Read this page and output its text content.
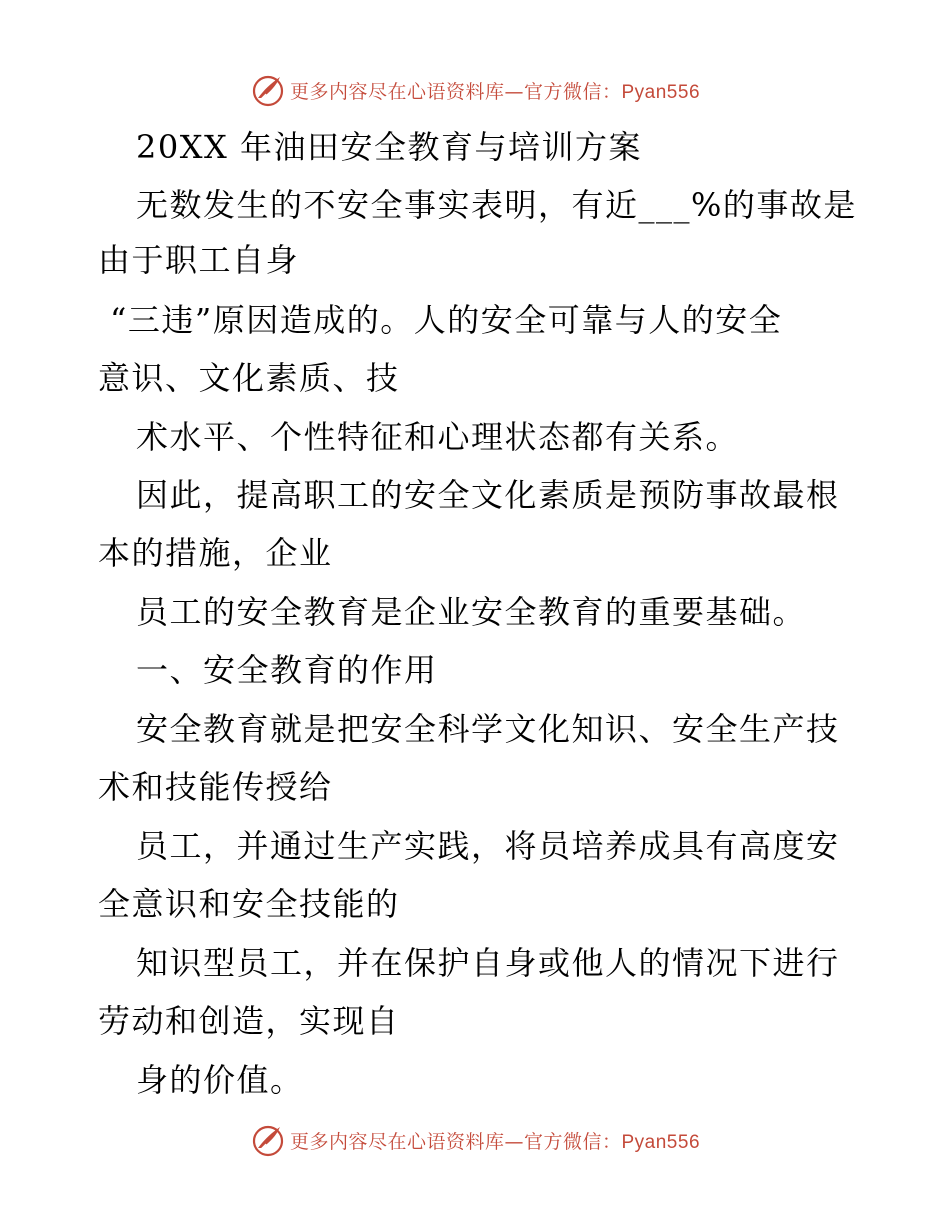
更多内容尽在心语资料库—官方微信：Pyan556
20XX 年油田安全教育与培训方案
无数发生的不安全事实表明，有近___%的事故是
由于职工自身
“三违”原因造成的。人的安全可靠与人的安全
意识、文化素质、技
术水平、个性特征和心理状态都有关系。
因此，提高职工的安全文化素质是预防事故最根
本的措施，企业
员工的安全教育是企业安全教育的重要基础。
一、安全教育的作用
安全教育就是把安全科学文化知识、安全生产技
术和技能传授给
员工，并通过生产实践，将员培养成具有高度安
全意识和安全技能的
知识型员工，并在保护自身或他人的情况下进行
劳动和创造，实现自
身的价值。
更多内容尽在心语资料库—官方微信：Pyan556
